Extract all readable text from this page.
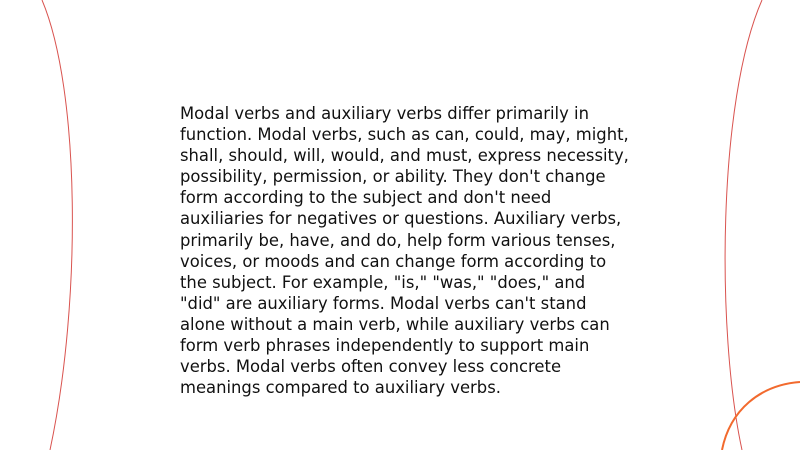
Modal verbs and auxiliary verbs differ primarily in function. Modal verbs, such as can, could, may, might, shall, should, will, would, and must, express necessity, possibility, permission, or ability. They don't change form according to the subject and don't need auxiliaries for negatives or questions. Auxiliary verbs, primarily be, have, and do, help form various tenses, voices, or moods and can change form according to the subject. For example, "is," "was," "does," and "did" are auxiliary forms. Modal verbs can't stand alone without a main verb, while auxiliary verbs can form verb phrases independently to support main verbs. Modal verbs often convey less concrete meanings compared to auxiliary verbs.
